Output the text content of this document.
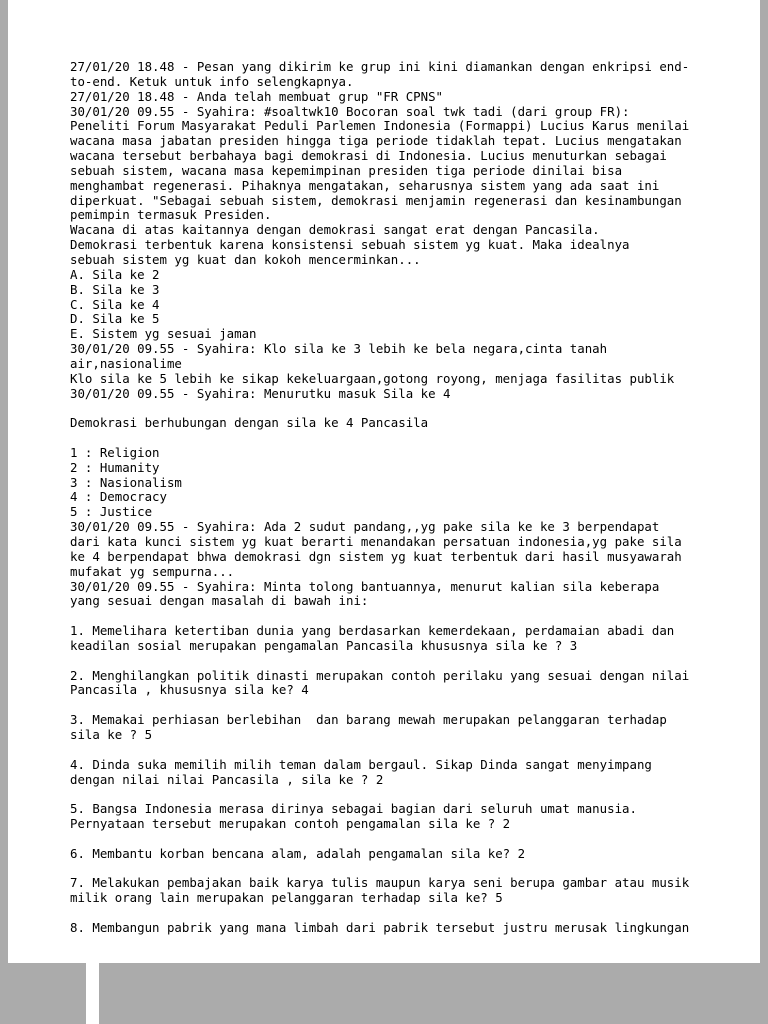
27/01/20 18.48 - Pesan yang dikirim ke grup ini kini diamankan dengan enkripsi end-
to-end. Ketuk untuk info selengkapnya.
27/01/20 18.48 - Anda telah membuat grup "FR CPNS"
30/01/20 09.55 - Syahira: #soaltwk10 Bocoran soal twk tadi (dari group FR):
Peneliti Forum Masyarakat Peduli Parlemen Indonesia (Formappi) Lucius Karus menilai
wacana masa jabatan presiden hingga tiga periode tidaklah tepat. Lucius mengatakan
wacana tersebut berbahaya bagi demokrasi di Indonesia. Lucius menuturkan sebagai
sebuah sistem, wacana masa kepemimpinan presiden tiga periode dinilai bisa
menghambat regenerasi. Pihaknya mengatakan, seharusnya sistem yang ada saat ini
diperkuat. "Sebagai sebuah sistem, demokrasi menjamin regenerasi dan kesinambungan
pemimpin termasuk Presiden.
Wacana di atas kaitannya dengan demokrasi sangat erat dengan Pancasila.
Demokrasi terbentuk karena konsistensi sebuah sistem yg kuat. Maka idealnya
sebuah sistem yg kuat dan kokoh mencerminkan...
A. Sila ke 2
B. Sila ke 3
C. Sila ke 4
D. Sila ke 5
E. Sistem yg sesuai jaman
30/01/20 09.55 - Syahira: Klo sila ke 3 lebih ke bela negara,cinta tanah
air,nasionalime
Klo sila ke 5 lebih ke sikap kekeluargaan,gotong royong, menjaga fasilitas publik
30/01/20 09.55 - Syahira: Menurutku masuk Sila ke 4

Demokrasi berhubungan dengan sila ke 4 Pancasila

1 : Religion
2 : Humanity
3 : Nasionalism
4 : Democracy
5 : Justice
30/01/20 09.55 - Syahira: Ada 2 sudut pandang,,yg pake sila ke ke 3 berpendapat
dari kata kunci sistem yg kuat berarti menandakan persatuan indonesia,yg pake sila
ke 4 berpendapat bhwa demokrasi dgn sistem yg kuat terbentuk dari hasil musyawarah
mufakat yg sempurna...
30/01/20 09.55 - Syahira: Minta tolong bantuannya, menurut kalian sila keberapa
yang sesuai dengan masalah di bawah ini:

1. Memelihara ketertiban dunia yang berdasarkan kemerdekaan, perdamaian abadi dan
keadilan sosial merupakan pengamalan Pancasila khususnya sila ke ? 3

2. Menghilangkan politik dinasti merupakan contoh perilaku yang sesuai dengan nilai
Pancasila , khususnya sila ke? 4

3. Memakai perhiasan berlebihan  dan barang mewah merupakan pelanggaran terhadap
sila ke ? 5

4. Dinda suka memilih milih teman dalam bergaul. Sikap Dinda sangat menyimpang
dengan nilai nilai Pancasila , sila ke ? 2

5. Bangsa Indonesia merasa dirinya sebagai bagian dari seluruh umat manusia.
Pernyataan tersebut merupakan contoh pengamalan sila ke ? 2

6. Membantu korban bencana alam, adalah pengamalan sila ke? 2

7. Melakukan pembajakan baik karya tulis maupun karya seni berupa gambar atau musik
milik orang lain merupakan pelanggaran terhadap sila ke? 5

8. Membangun pabrik yang mana limbah dari pabrik tersebut justru merusak lingkungan
